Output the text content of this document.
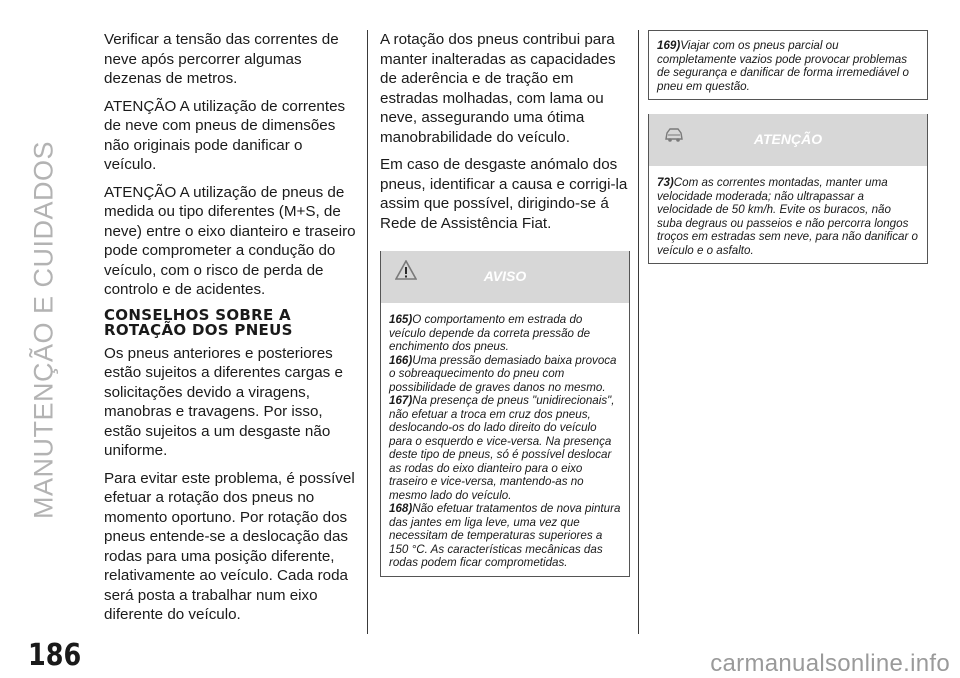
MANUTENÇÃO E CUIDADOS

Verificar a tensão das correntes de neve após percorrer algumas dezenas de metros.

ATENÇÃO A utilização de correntes de neve com pneus de dimensões não originais pode danificar o veículo.

ATENÇÃO A utilização de pneus de medida ou tipo diferentes (M+S, de neve) entre o eixo dianteiro e traseiro pode comprometer a condução do veículo, com o risco de perda de controlo e de acidentes.

CONSELHOS SOBRE A ROTAÇÃO DOS PNEUS

Os pneus anteriores e posteriores estão sujeitos a diferentes cargas e solicitações devido a viragens, manobras e travagens. Por isso, estão sujeitos a um desgaste não uniforme.

Para evitar este problema, é possível efetuar a rotação dos pneus no momento oportuno. Por rotação dos pneus entende-se a deslocação das rodas para uma posição diferente, relativamente ao veículo. Cada roda será posta a trabalhar num eixo diferente do veículo.

A rotação dos pneus contribui para manter inalteradas as capacidades de aderência e de tração em estradas molhadas, com lama ou neve, assegurando uma ótima manobrabilidade do veículo.

Em caso de desgaste anómalo dos pneus, identificar a causa e corrigi-la assim que possível, dirigindo-se á Rede de Assistência Fiat.

AVISO

165)O comportamento em estrada do veículo depende da correta pressão de enchimento dos pneus.

166)Uma pressão demasiado baixa provoca o sobreaquecimento do pneu com possibilidade de graves danos no mesmo.

167)Na presença de pneus "unidirecionais", não efetuar a troca em cruz dos pneus, deslocando-os do lado direito do veículo para o esquerdo e vice-versa. Na presença deste tipo de pneus, só é possível deslocar as rodas do eixo dianteiro para o eixo traseiro e vice-versa, mantendo-as no mesmo lado do veículo.

168)Não efetuar tratamentos de nova pintura das jantes em liga leve, uma vez que necessitam de temperaturas superiores a 150 °C. As características mecânicas das rodas podem ficar comprometidas.

169)Viajar com os pneus parcial ou completamente vazios pode provocar problemas de segurança e danificar de forma irremediável o pneu em questão.

ATENÇÃO

73)Com as correntes montadas, manter uma velocidade moderada; não ultrapassar a velocidade de 50 km/h. Evite os buracos, não suba degraus ou passeios e não percorra longos troços em estradas sem neve, para não danificar o veículo e o asfalto.

186	carmanualsonline.info
